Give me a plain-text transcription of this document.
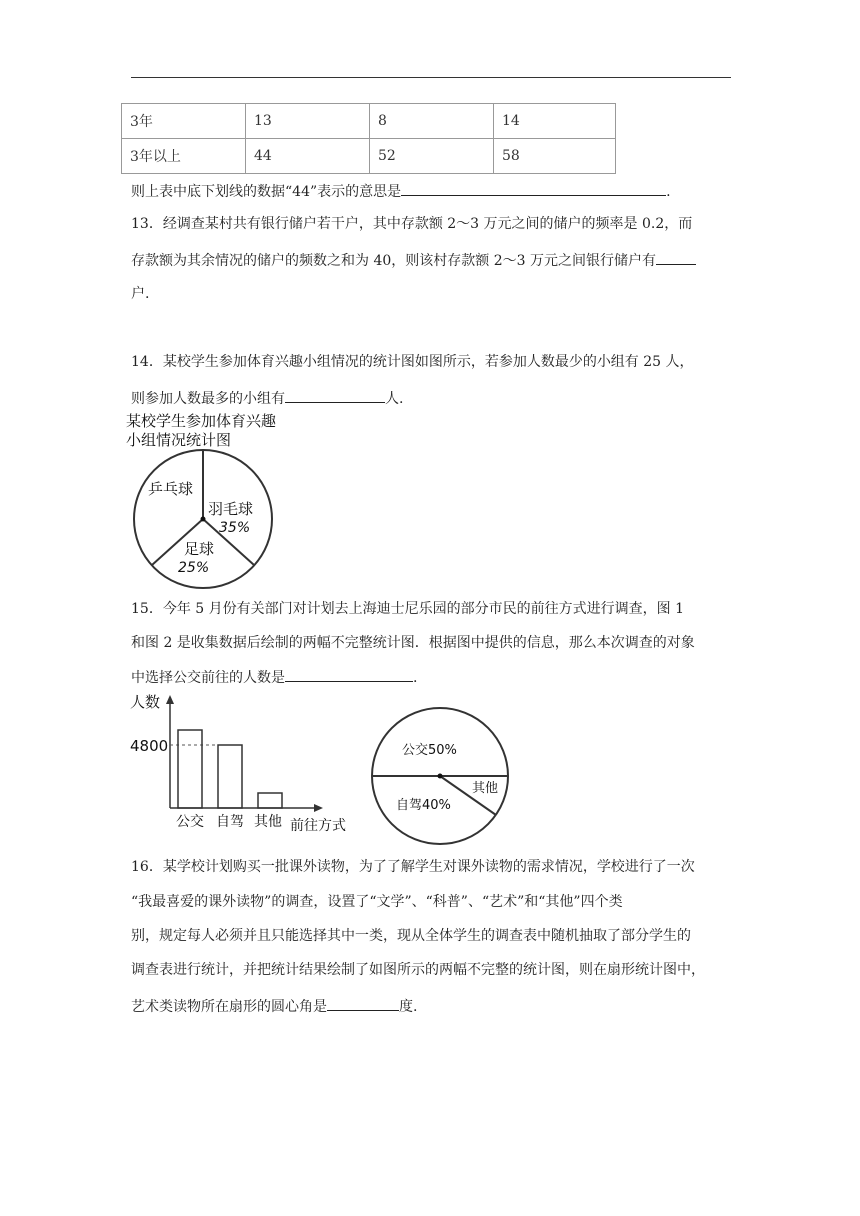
3年	13	8	14
3年以上	44	52	58
则上表中底下划线的数据“44”表示的意思是	.
13．经调查某村共有银行储户若干户，其中存款额 2～3 万元之间的储户的频率是 0.2，而
存款额为其余情况的储户的频数之和为 40，则该村存款额 2～3 万元之间银行储户有
户.
14．某校学生参加体育兴趣小组情况的统计图如图所示，若参加人数最少的小组有 25 人，
则参加人数最多的小组有	人.
某校学生参加体育兴趣
小组情况统计图
乒乓球
羽毛球
35%
足球
25%
15．今年 5 月份有关部门对计划去上海迪士尼乐园的部分市民的前往方式进行调查，图 1
和图 2 是收集数据后绘制的两幅不完整统计图．根据图中提供的信息，那么本次调查的对象
中选择公交前往的人数是	.
人数
4800
公交 自驾 其他 前往方式
公交50%
自驾40%
其他
16．某学校计划购买一批课外读物，为了了解学生对课外读物的需求情况，学校进行了一次
“我最喜爱的课外读物”的调查，设置了“文学”、“科普”、“艺术”和“其他”四个类
别，规定每人必须并且只能选择其中一类，现从全体学生的调查表中随机抽取了部分学生的
调查表进行统计，并把统计结果绘制了如图所示的两幅不完整的统计图，则在扇形统计图中，
艺术类读物所在扇形的圆心角是	度.
